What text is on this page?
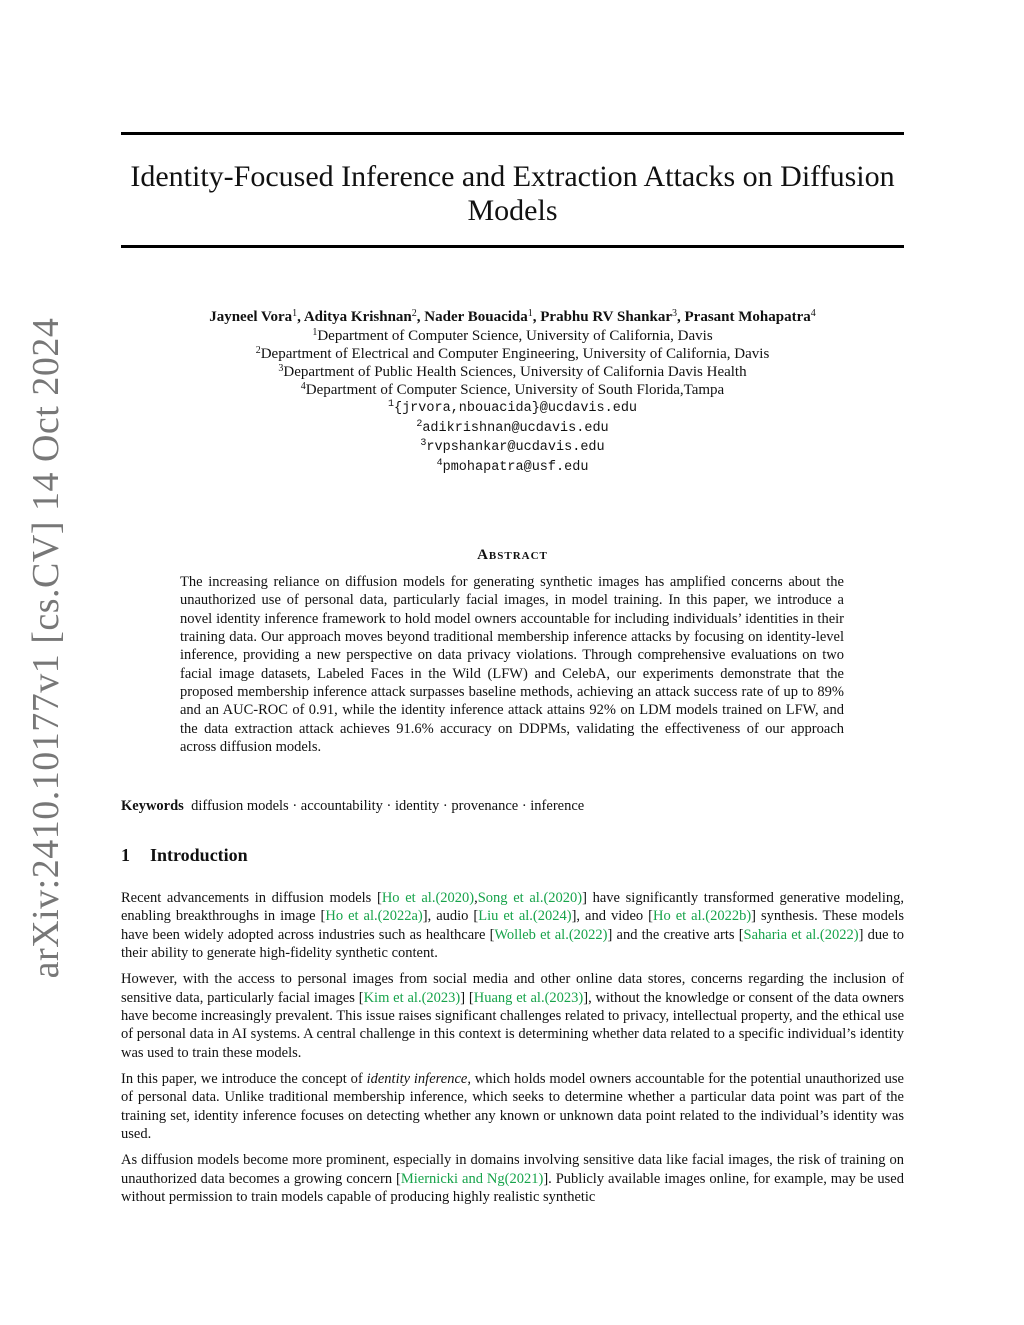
arXiv:2410.10177v1 [cs.CV] 14 Oct 2024
Identity-Focused Inference and Extraction Attacks on Diffusion Models
Jayneel Vora$^1$, Aditya Krishnan$^2$, Nader Bouacida$^1$, Prabhu RV Shankar$^3$, Prasant Mohapatra$^4$
$^1$Department of Computer Science, University of California, Davis
$^2$Department of Electrical and Computer Engineering, University of California, Davis
$^3$Department of Public Health Sciences, University of California Davis Health
$^4$Department of Computer Science, University of South Florida,Tampa
$^1${jrvora,nbouacida}@ucdavis.edu
$^2$adikrishnan@ucdavis.edu
$^3$rvpshankar@ucdavis.edu
$^4$pmohapatra@usf.edu
Abstract
The increasing reliance on diffusion models for generating synthetic images has amplified concerns about the unauthorized use of personal data, particularly facial images, in model training. In this paper, we introduce a novel identity inference framework to hold model owners accountable for including individuals’ identities in their training data. Our approach moves beyond traditional membership inference attacks by focusing on identity-level inference, providing a new perspective on data privacy violations. Through comprehensive evaluations on two facial image datasets, Labeled Faces in the Wild (LFW) and CelebA, our experiments demonstrate that the proposed membership inference attack surpasses baseline methods, achieving an attack success rate of up to 89% and an AUC-ROC of 0.91, while the identity inference attack attains 92% on LDM models trained on LFW, and the data extraction attack achieves 91.6% accuracy on DDPMs, validating the effectiveness of our approach across diffusion models.
Keywords diffusion models · accountability · identity · provenance · inference
1 Introduction

Recent advancements in diffusion models [Ho et al.(2020),Song et al.(2020)] have significantly transformed generative modeling, enabling breakthroughs in image [Ho et al.(2022a)], audio [Liu et al.(2024)], and video [Ho et al.(2022b)] synthesis. These models have been widely adopted across industries such as healthcare [Wolleb et al.(2022)] and the creative arts [Saharia et al.(2022)] due to their ability to generate high-fidelity synthetic content.

However, with the access to personal images from social media and other online data stores, concerns regarding the inclusion of sensitive data, particularly facial images [Kim et al.(2023)] [Huang et al.(2023)], without the knowledge or consent of the data owners have become increasingly prevalent. This issue raises significant challenges related to privacy, intellectual property, and the ethical use of personal data in AI systems. A central challenge in this context is determining whether data related to a specific individual’s identity was used to train these models.

In this paper, we introduce the concept of identity inference, which holds model owners accountable for the potential unauthorized use of personal data. Unlike traditional membership inference, which seeks to determine whether a particular data point was part of the training set, identity inference focuses on detecting whether any known or unknown data point related to the individual’s identity was used.

As diffusion models become more prominent, especially in domains involving sensitive data like facial images, the risk of training on unauthorized data becomes a growing concern [Miernicki and Ng(2021)]. Publicly available images online, for example, may be used without permission to train models capable of producing highly realistic synthetic
